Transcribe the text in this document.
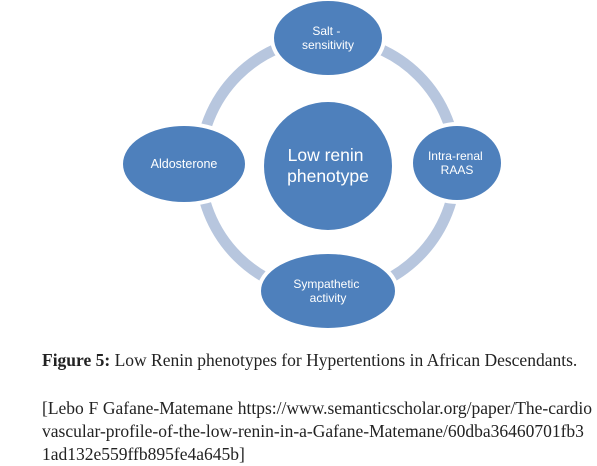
Low renin phenotype
Salt - sensitivity
Intra-renal RAAS
Sympathetic activity
Aldosterone
Figure 5: Low Renin phenotypes for Hypertentions in African Descendants.
[Lebo F Gafane-Matemane https://www.semanticscholar.org/paper/The-cardiovascular-profile-of-the-low-renin-in-a-Gafane-Matemane/60dba36460701fb31ad132e559ffb895fe4a645b]
